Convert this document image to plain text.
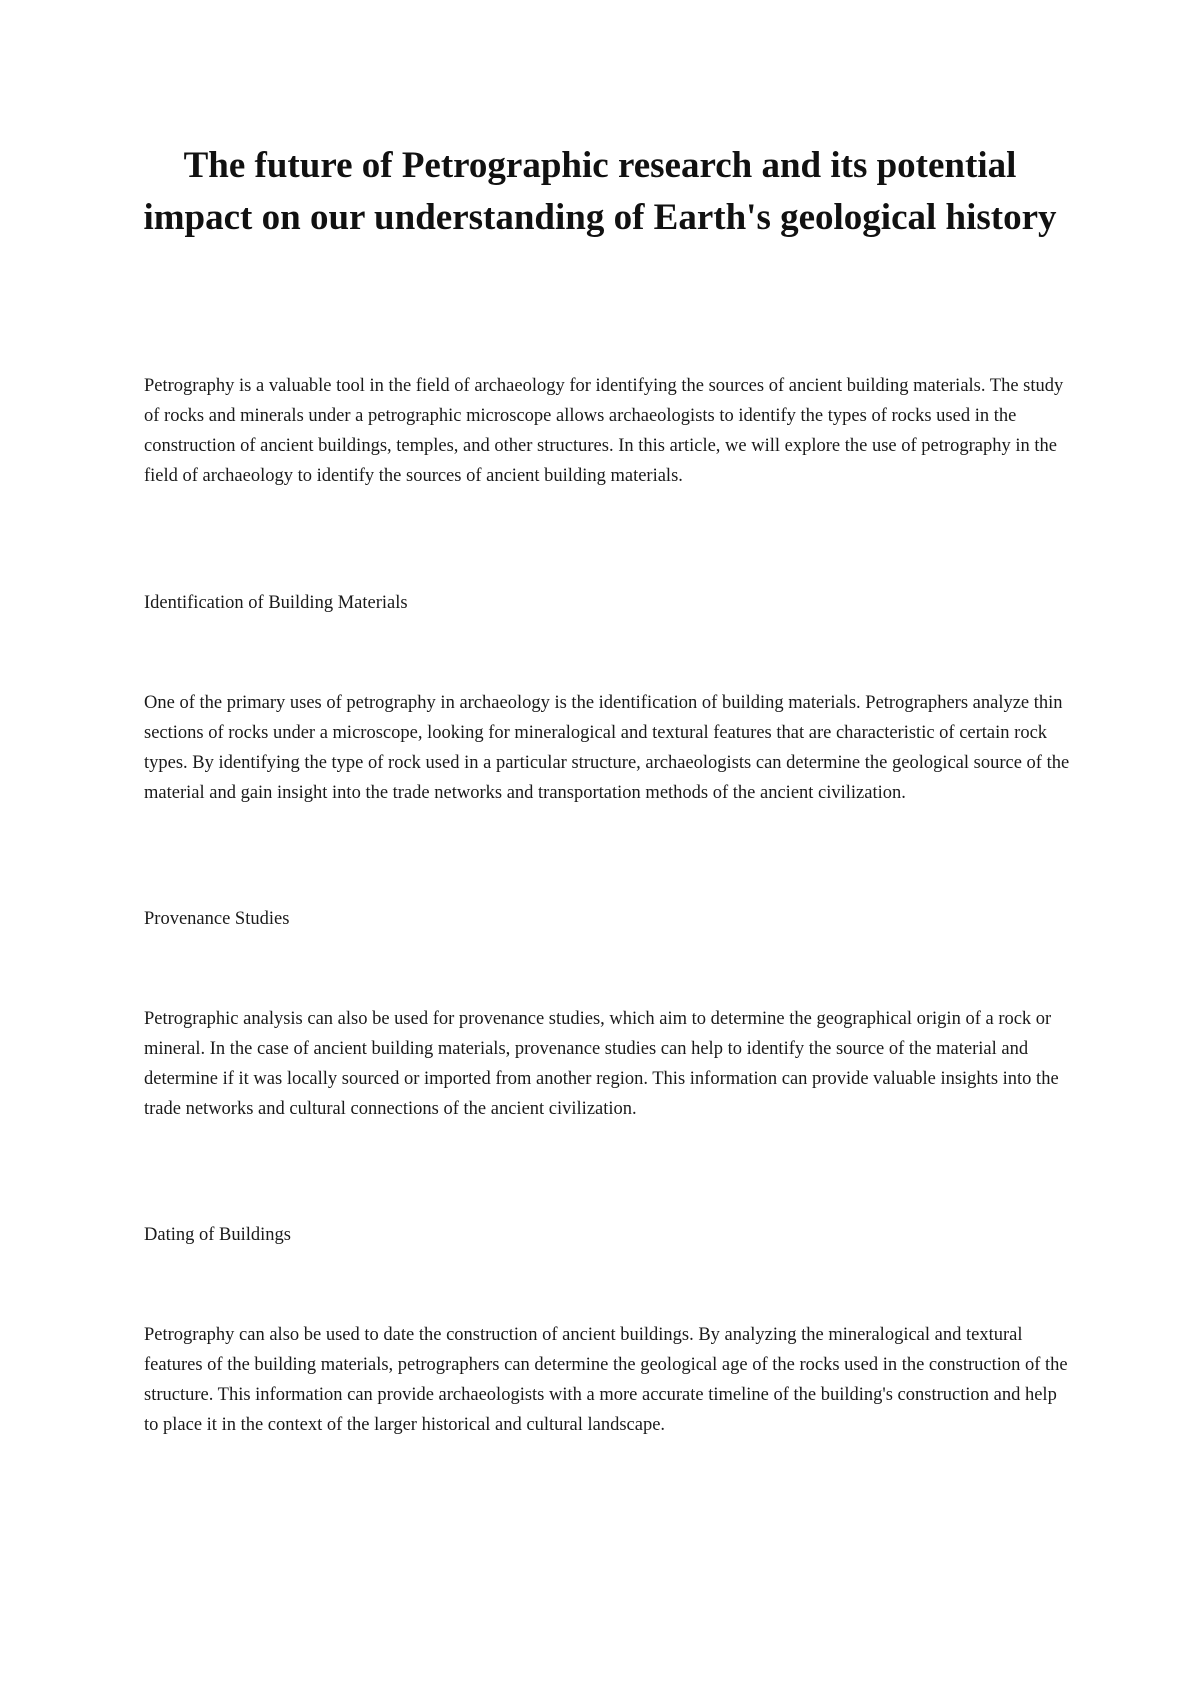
The future of Petrographic research and its potential impact on our understanding of Earth's geological history

Petrography is a valuable tool in the field of archaeology for identifying the sources of ancient building materials. The study of rocks and minerals under a petrographic microscope allows archaeologists to identify the types of rocks used in the construction of ancient buildings, temples, and other structures. In this article, we will explore the use of petrography in the field of archaeology to identify the sources of ancient building materials.

Identification of Building Materials

One of the primary uses of petrography in archaeology is the identification of building materials. Petrographers analyze thin sections of rocks under a microscope, looking for mineralogical and textural features that are characteristic of certain rock types. By identifying the type of rock used in a particular structure, archaeologists can determine the geological source of the material and gain insight into the trade networks and transportation methods of the ancient civilization.

Provenance Studies

Petrographic analysis can also be used for provenance studies, which aim to determine the geographical origin of a rock or mineral. In the case of ancient building materials, provenance studies can help to identify the source of the material and determine if it was locally sourced or imported from another region. This information can provide valuable insights into the trade networks and cultural connections of the ancient civilization.

Dating of Buildings

Petrography can also be used to date the construction of ancient buildings. By analyzing the mineralogical and textural features of the building materials, petrographers can determine the geological age of the rocks used in the construction of the structure. This information can provide archaeologists with a more accurate timeline of the building's construction and help to place it in the context of the larger historical and cultural landscape.
